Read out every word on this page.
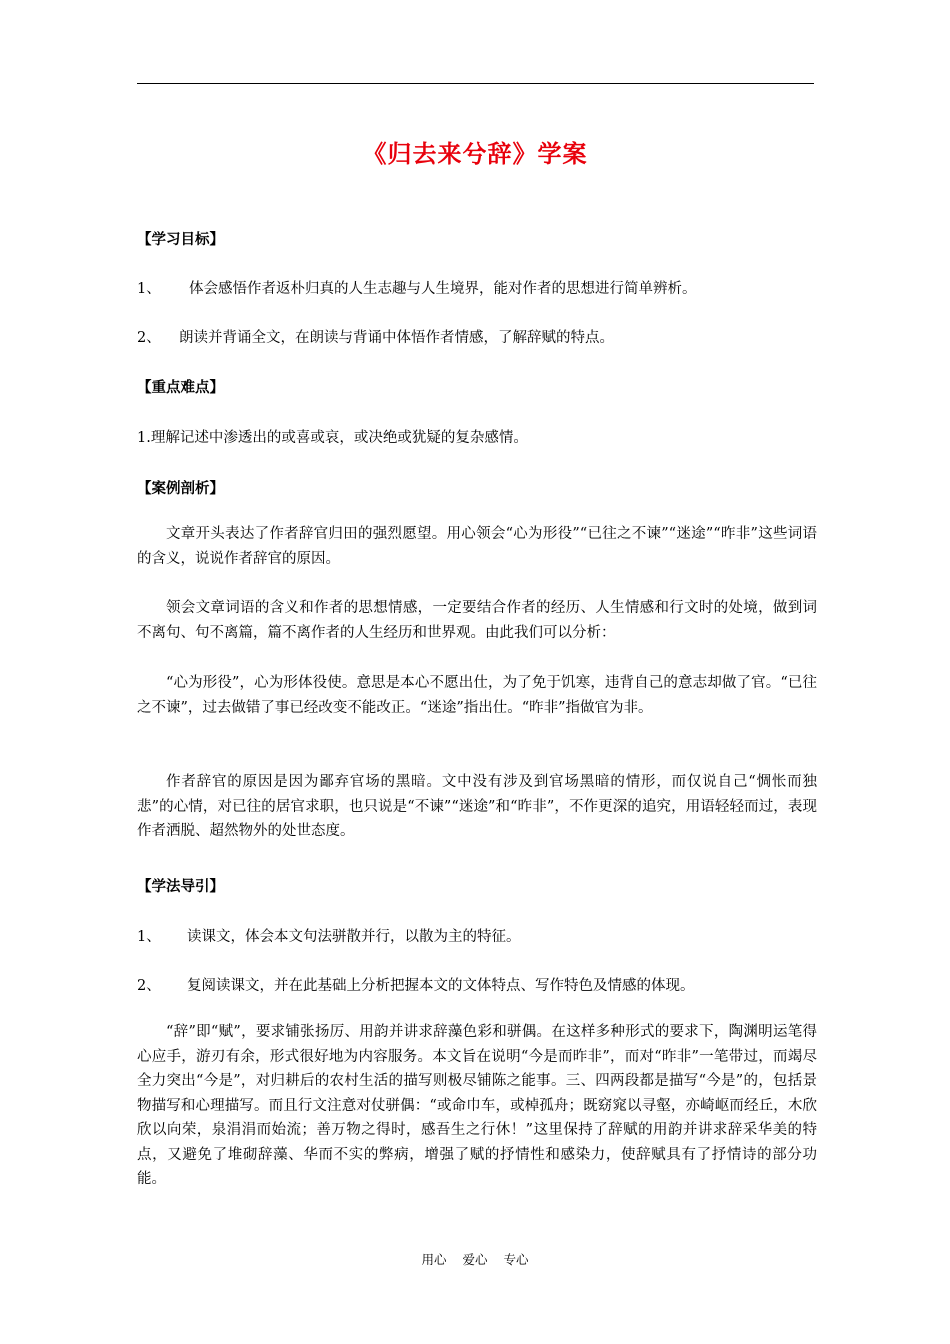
《归去来兮辞》学案
【学习目标】
1、 体会感悟作者返朴归真的人生志趣与人生境界，能对作者的思想进行简单辨析。
2、 朗读并背诵全文，在朗读与背诵中体悟作者情感，了解辞赋的特点。
【重点难点】
1.理解记述中渗透出的或喜或哀，或决绝或犹疑的复杂感情。
【案例剖析】
文章开头表达了作者辞官归田的强烈愿望。用心领会“心为形役”“已往之不谏”“迷途”“昨非”这些词语的含义，说说作者辞官的原因。
领会文章词语的含义和作者的思想情感，一定要结合作者的经历、人生情感和行文时的处境，做到词不离句、句不离篇，篇不离作者的人生经历和世界观。由此我们可以分析：
“心为形役”，心为形体役使。意思是本心不愿出仕，为了免于饥寒，违背自己的意志却做了官。“已往之不谏”，过去做错了事已经改变不能改正。“迷途”指出仕。“昨非”指做官为非。
作者辞官的原因是因为鄙弃官场的黑暗。文中没有涉及到官场黑暗的情形，而仅说自己“惆怅而独悲”的心情，对已往的居官求职，也只说是“不谏”“迷途”和“昨非”，不作更深的追究，用语轻轻而过，表现作者洒脱、超然物外的处世态度。
【学法导引】
1、 读课文，体会本文句法骈散并行，以散为主的特征。
2、 复阅读课文，并在此基础上分析把握本文的文体特点、写作特色及情感的体现。
“辞”即“赋”，要求铺张扬厉、用韵并讲求辞藻色彩和骈偶。在这样多种形式的要求下，陶渊明运笔得心应手，游刃有余，形式很好地为内容服务。本文旨在说明“今是而昨非”，而对“昨非”一笔带过，而竭尽全力突出“今是”，对归耕后的农村生活的描写则极尽铺陈之能事。三、四两段都是描写“今是”的，包括景物描写和心理描写。而且行文注意对仗骈偶：“或命巾车，或棹孤舟；既窈窕以寻壑，亦崎岖而经丘，木欣欣以向荣，泉涓涓而始流；善万物之得时，感吾生之行休！”这里保持了辞赋的用韵并讲求辞采华美的特点，又避免了堆砌辞藻、华而不实的弊病，增强了赋的抒情性和感染力，使辞赋具有了抒情诗的部分功能。
用心 爱心 专心
